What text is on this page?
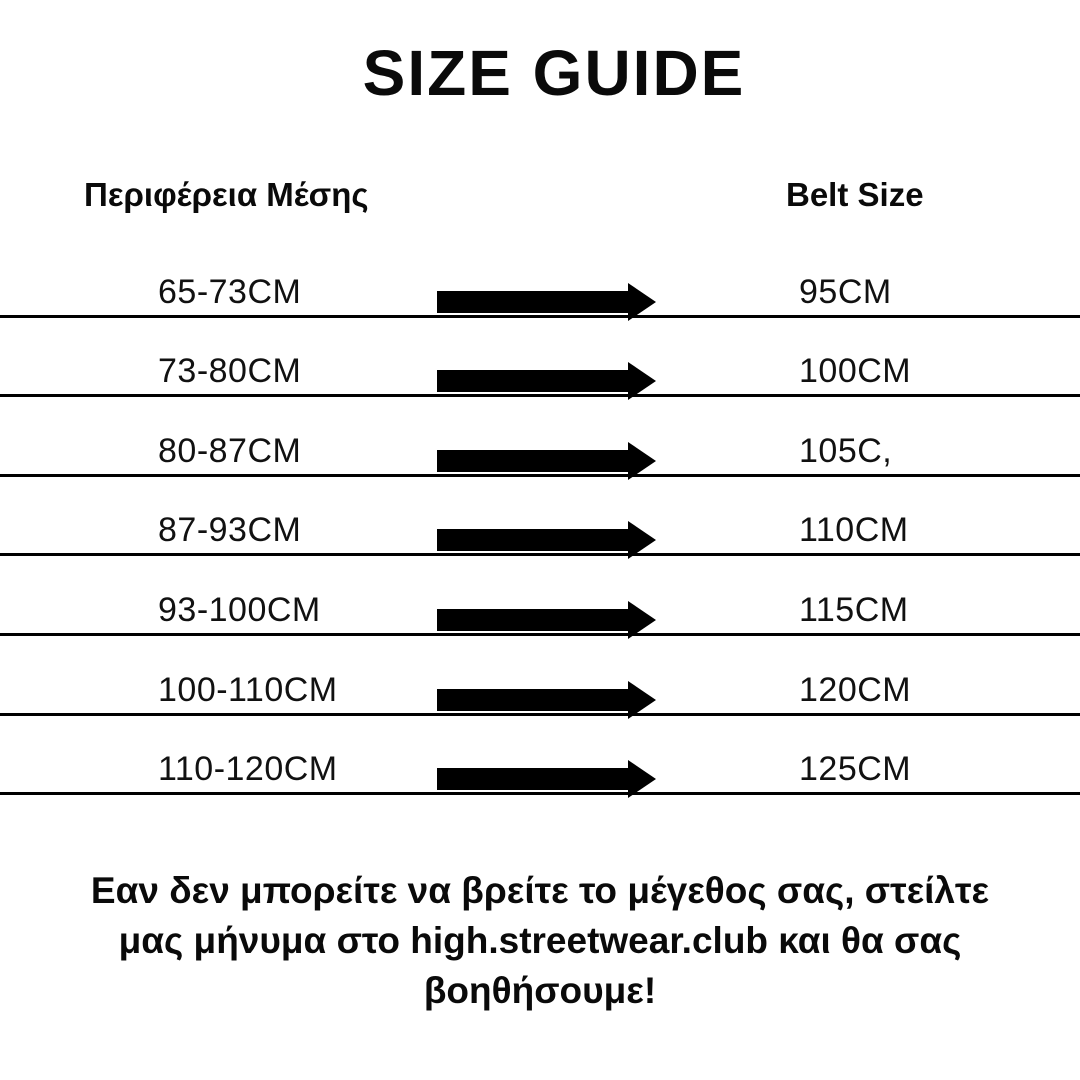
SIZE GUIDE
Περιφέρεια Μέσης	Belt Size
65-73CM	95CM
73-80CM	100CM
80-87CM	105C,
87-93CM	110CM
93-100CM	115CM
100-110CM	120CM
110-120CM	125CM
Εαν δεν μπορείτε να βρείτε το μέγεθος σας, στείλτε
μας μήνυμα στο high.streetwear.club και θα σας
βοηθήσουμε!
